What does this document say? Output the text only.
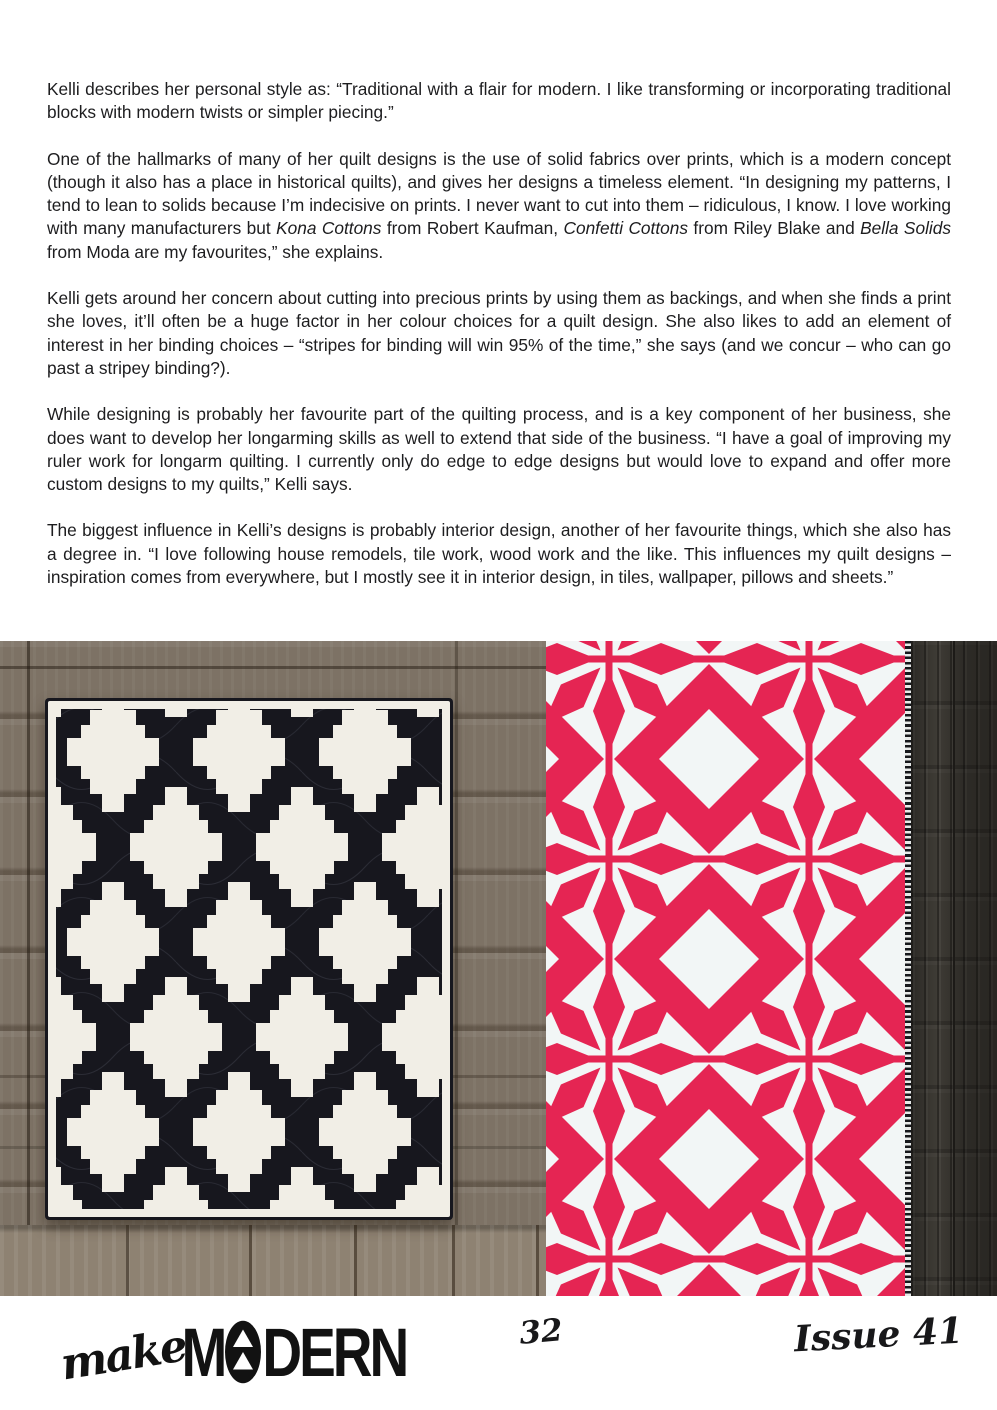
Kelli describes her personal style as: “Traditional with a flair for modern. I like transforming or incorporating traditional blocks with modern twists or simpler piecing.”

One of the hallmarks of many of her quilt designs is the use of solid fabrics over prints, which is a modern concept (though it also has a place in historical quilts), and gives her designs a timeless element. “In designing my patterns, I tend to lean to solids because I’m indecisive on prints. I never want to cut into them – ridiculous, I know. I love working with many manufacturers but Kona Cottons from Robert Kaufman, Confetti Cottons from Riley Blake and Bella Solids from Moda are my favourites,” she explains.

Kelli gets around her concern about cutting into precious prints by using them as backings, and when she finds a print she loves, it’ll often be a huge factor in her colour choices for a quilt design. She also likes to add an element of interest in her binding choices – “stripes for binding will win 95% of the time,” she says (and we concur – who can go past a stripey binding?).

While designing is probably her favourite part of the quilting process, and is a key component of her business, she does want to develop her longarming skills as well to extend that side of the business. “I have a goal of improving my ruler work for longarm quilting. I currently only do edge to edge designs but would love to expand and offer more custom designs to my quilts,” Kelli says.

The biggest influence in Kelli’s designs is probably interior design, another of her favourite things, which she also has a degree in. “I love following house remodels, tile work, wood work and the like. This influences my quilt designs – inspiration comes from everywhere, but I mostly see it in interior design, in tiles, wallpaper, pillows and sheets.”

make
M DERN	32	Issue 41
